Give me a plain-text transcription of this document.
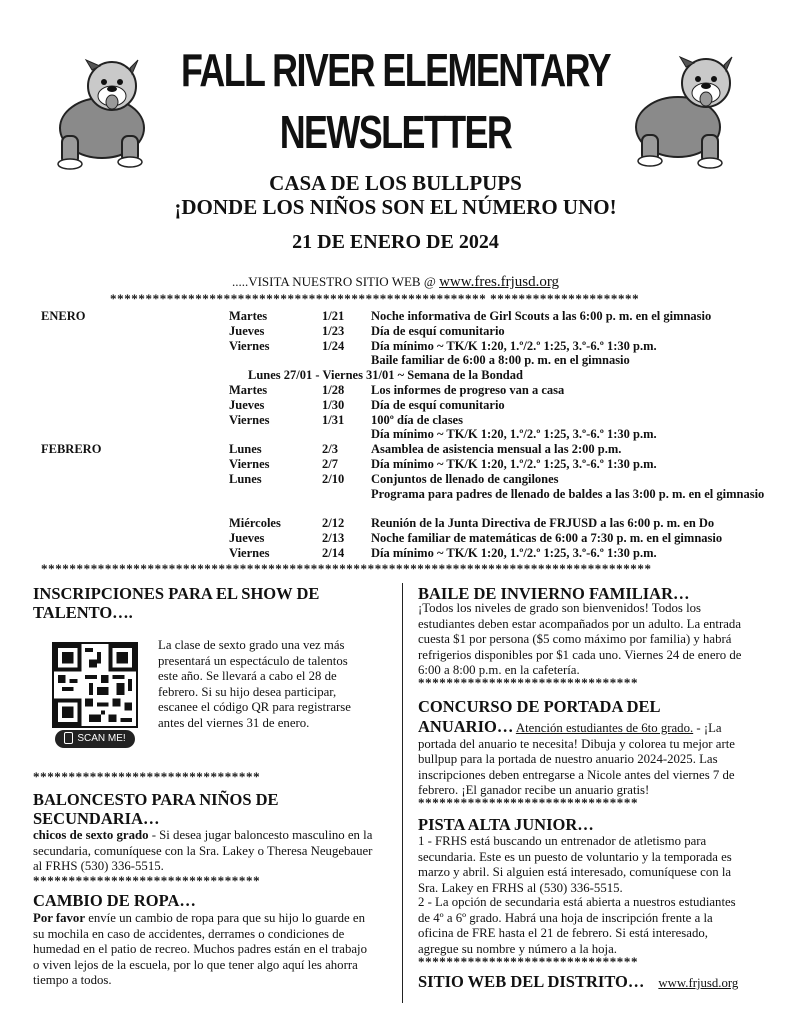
FALL RIVER ELEMENTARY
NEWSLETTER
CASA DE LOS BULLPUPS
¡DONDE LOS NIÑOS SON EL NÚMERO UNO!
21 DE ENERO DE 2024
.....VISITA NUESTRO SITIO WEB @ www.fres.frjusd.org
***************************************************** *********************
ENERO	Martes	1/21 Noche informativa de Girl Scouts a las 6:00 p. m. en el gimnasio
Jueves	1/23 Día de esquí comunitario
Viernes	1/24 Día mínimo ~ TK/K 1:20, 1.º/2.º 1:25, 3.º-6.º 1:30 p.m.
Baile familiar de 6:00 a 8:00 p. m. en el gimnasio
Lunes 27/01 - Viernes 31/01 ~ Semana de la Bondad
Martes	1/28 Los informes de progreso van a casa
Jueves	1/30 Día de esquí comunitario
Viernes	1/31 100º día de clases
Día mínimo ~ TK/K 1:20, 1.º/2.º 1:25, 3.º-6.º 1:30 p.m.
FEBRERO	Lunes	2/3	Asamblea de asistencia mensual a las 2:00 p.m.
Viernes	2/7	Día mínimo ~ TK/K 1:20, 1.º/2.º 1:25, 3.º-6.º 1:30 p.m.
Lunes	2/10 Conjuntos de llenado de cangilones
Programa para padres de llenado de baldes a las 3:00 p. m. en el gimnasio
Miércoles	2/12 Reunión de la Junta Directiva de FRJUSD a las 6:00 p. m. en Do
Jueves	2/13 Noche familiar de matemáticas de 6:00 a 7:30 p. m. en el gimnasio
Viernes	2/14 Día mínimo ~ TK/K 1:20, 1.º/2.º 1:25, 3.º-6.º 1:30 p.m.
**************************************************************************************
INSCRIPCIONES PARA EL SHOW DE TALENTO….
SCAN ME!
La clase de sexto grado una vez más presentará un espectáculo de talentos este año. Se llevará a cabo el 28 de febrero. Si su hijo desea participar, escanee el código QR para registrarse antes del viernes 31 de enero.
********************************
BALONCESTO PARA NIÑOS DE SECUNDARIA…
chicos de sexto grado - Si desea jugar baloncesto masculino en la secundaria, comuníquese con la Sra. Lakey o Theresa Neugebauer al FRHS (530) 336-5515.
********************************
CAMBIO DE ROPA…
Por favor envíe un cambio de ropa para que su hijo lo guarde en su mochila en caso de accidentes, derrames o condiciones de humedad en el patio de recreo. Muchos padres están en el trabajo o viven lejos de la escuela, por lo que tener algo aquí les ahorra tiempo a todos.
BAILE DE INVIERNO FAMILIAR…
¡Todos los niveles de grado son bienvenidos! Todos los estudiantes deben estar acompañados por un adulto. La entrada cuesta $1 por persona ($5 como máximo por familia) y habrá refrigerios disponibles por $1 cada uno. Viernes 24 de enero de 6:00 a 8:00 p.m. en la cafetería.
*******************************
CONCURSO DE PORTADA DEL
ANUARIO… Atención estudiantes de 6to grado. - ¡La portada del anuario te necesita! Dibuja y colorea tu mejor arte bullpup para la portada de nuestro anuario 2024-2025. Las inscripciones deben entregarse a Nicole antes del viernes 7 de febrero. ¡El ganador recibe un anuario gratis!
*******************************
PISTA ALTA JUNIOR…
1 - FRHS está buscando un entrenador de atletismo para secundaria. Este es un puesto de voluntario y la temporada es marzo y abril. Si alguien está interesado, comuníquese con la Sra. Lakey en FRHS al (530) 336-5515.
2 - La opción de secundaria está abierta a nuestros estudiantes de 4º a 6º grado. Habrá una hoja de inscripción frente a la oficina de FRE hasta el 21 de febrero. Si está interesado, agregue su nombre y número a la hoja.
*******************************
SITIO WEB DEL DISTRITO… www.frjusd.org
